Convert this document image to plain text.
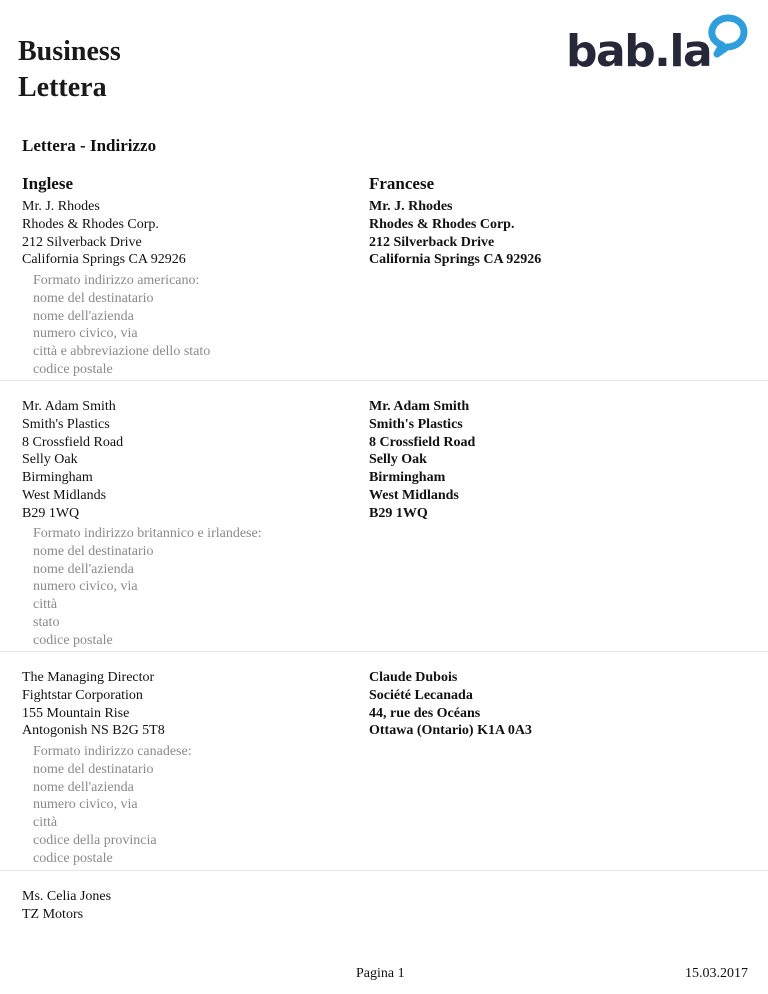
Business
Lettera
bab.la
Lettera - Indirizzo
Inglese	Francese
Mr. J. Rhodes
Rhodes & Rhodes Corp.
212 Silverback Drive
California Springs CA 92926
Mr. J. Rhodes
Rhodes & Rhodes Corp.
212 Silverback Drive
California Springs CA 92926
Formato indirizzo americano:
nome del destinatario
nome dell'azienda
numero civico, via
città e abbreviazione dello stato
codice postale
Mr. Adam Smith
Smith's Plastics
8 Crossfield Road
Selly Oak
Birmingham
West Midlands
B29 1WQ
Mr. Adam Smith
Smith's Plastics
8 Crossfield Road
Selly Oak
Birmingham
West Midlands
B29 1WQ
Formato indirizzo britannico e irlandese:
nome del destinatario
nome dell'azienda
numero civico, via
città
stato
codice postale
The Managing Director
Fightstar Corporation
155 Mountain Rise
Antogonish NS B2G 5T8
Claude Dubois
Société Lecanada
44, rue des Océans
Ottawa (Ontario) K1A 0A3
Formato indirizzo canadese:
nome del destinatario
nome dell'azienda
numero civico, via
città
codice della provincia
codice postale
Ms. Celia Jones
TZ Motors
Pagina 1	15.03.2017
